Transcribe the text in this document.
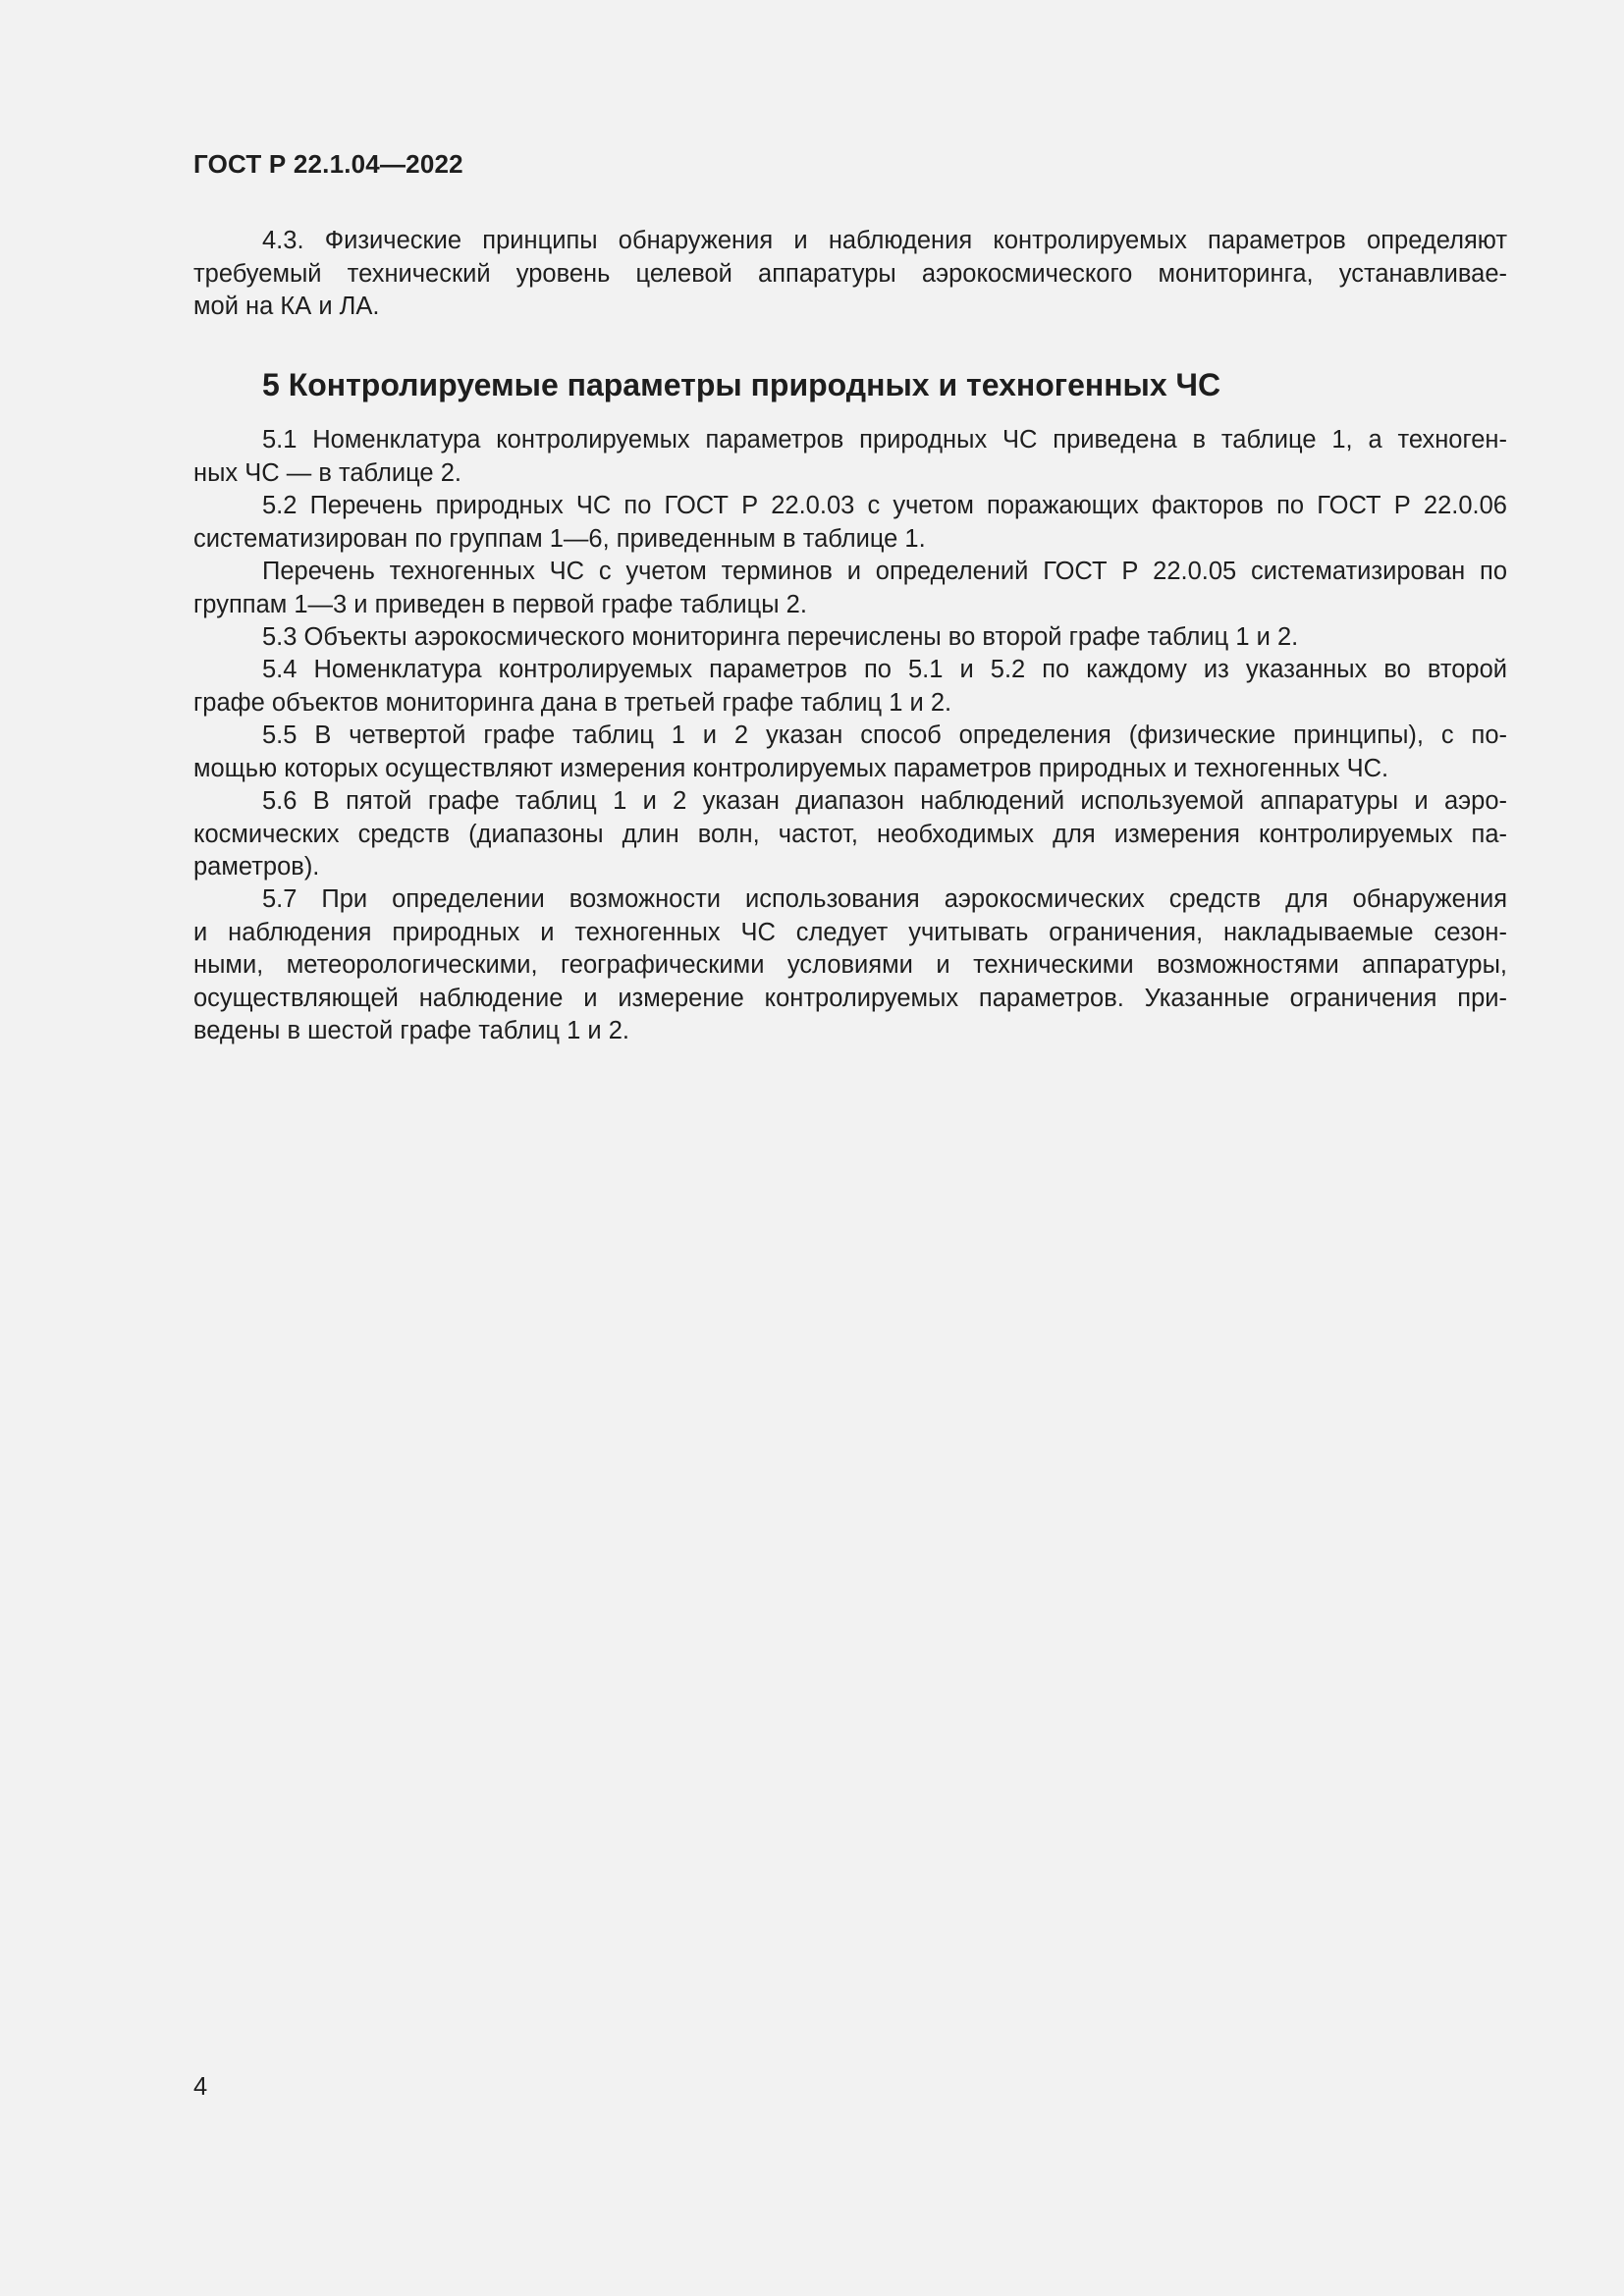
ГОСТ Р 22.1.04—2022
4.3. Физические принципы обнаружения и наблюдения контролируемых параметров определяют
требуемый технический уровень целевой аппаратуры аэрокосмического мониторинга, устанавливае-
мой на КА и ЛА.
5 Контролируемые параметры природных и техногенных ЧС
5.1 Номенклатура контролируемых параметров природных ЧС приведена в таблице 1, а техноген-
ных ЧС — в таблице 2.
5.2 Перечень природных ЧС по ГОСТ Р 22.0.03 с учетом поражающих факторов по ГОСТ Р 22.0.06
систематизирован по группам 1—6, приведенным в таблице 1.
Перечень техногенных ЧС с учетом терминов и определений ГОСТ Р 22.0.05 систематизирован по
группам 1—3 и приведен в первой графе таблицы 2.
5.3 Объекты аэрокосмического мониторинга перечислены во второй графе таблиц 1 и 2.
5.4 Номенклатура контролируемых параметров по 5.1 и 5.2 по каждому из указанных во второй
графе объектов мониторинга дана в третьей графе таблиц 1 и 2.
5.5 В четвертой графе таблиц 1 и 2 указан способ определения (физические принципы), с по-
мощью которых осуществляют измерения контролируемых параметров природных и техногенных ЧС.
5.6 В пятой графе таблиц 1 и 2 указан диапазон наблюдений используемой аппаратуры и аэро-
космических средств (диапазоны длин волн, частот, необходимых для измерения контролируемых па-
раметров).
5.7 При определении возможности использования аэрокосмических средств для обнаружения
и наблюдения природных и техногенных ЧС следует учитывать ограничения, накладываемые сезон-
ными, метеорологическими, географическими условиями и техническими возможностями аппаратуры,
осуществляющей наблюдение и измерение контролируемых параметров. Указанные ограничения при-
ведены в шестой графе таблиц 1 и 2.
4
